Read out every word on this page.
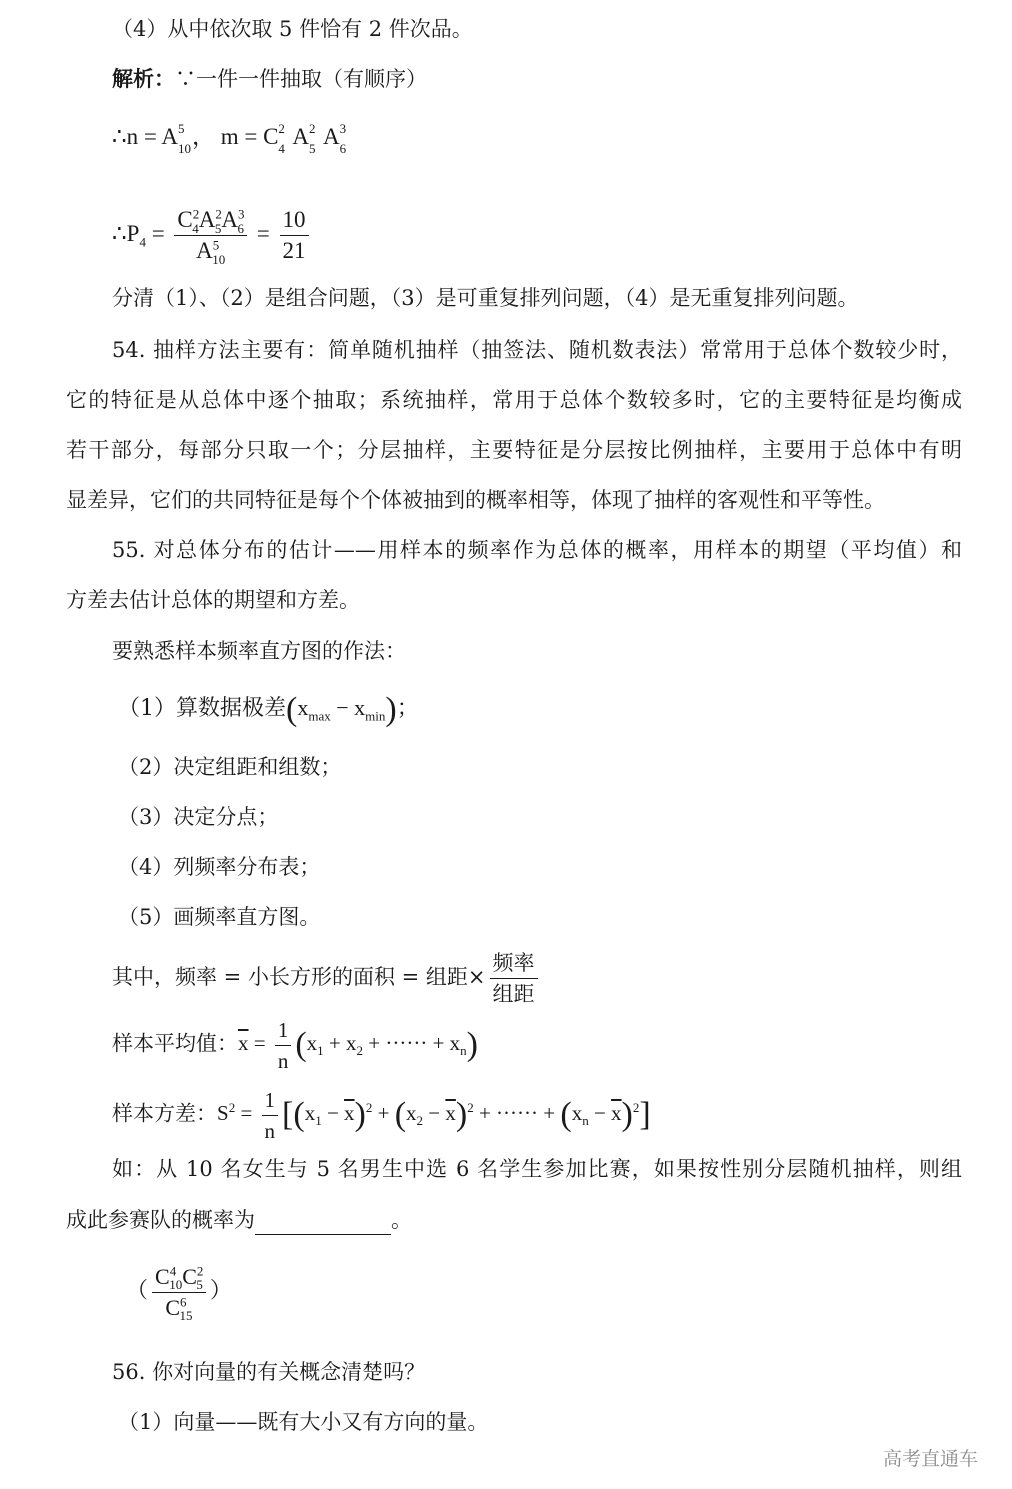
（4）从中依次取 5 件恰有 2 件次品。
解析：∵一件一件抽取（有顺序）
∴n = A 5
10 ， m = C 2
4 A 2
5 A 3
6
$\therefore P_4 = \frac{C^2_4A^2_5A^3_6}{A^5_{10}} = \frac{10}{21}$
分清（1）、（2）是组合问题，（3）是可重复排列问题，（4）是无重复排列问题。
54. 抽样方法主要有：简单随机抽样（抽签法、随机数表法）常常用于总体个数较少时，
它的特征是从总体中逐个抽取；系统抽样，常用于总体个数较多时，它的主要特征是均衡成
若干部分，每部分只取一个；分层抽样，主要特征是分层按比例抽样，主要用于总体中有明
显差异，它们的共同特征是每个个体被抽到的概率相等，体现了抽样的客观性和平等性。
55. 对总体分布的估计——用样本的频率作为总体的概率，用样本的期望（平均值）和
方差去估计总体的期望和方差。
要熟悉样本频率直方图的作法：
（1）算数据极差$(x_{max} - x_{min})$；
（2）决定组距和组数；
（3）决定分点；
（4）列频率分布表；
（5）画频率直方图。
其中，频率 = 小长方形的面积 = 组距× $\frac{\text{频率}}{\text{组距}}$
样本平均值：$\overline{x} = \frac{1}{n} (x_1 + x_2$ + ······ + $x_n$)
样本方差：$S^2 = \frac{1}{n} [(x_1 - \overline{x})^2 + (x_2 - \overline{x})^2$ + ······ + $(x_n - \overline{x})^2$]
如：从 10 名女生与 5 名男生中选 6 名学生参加比赛，如果按性别分层随机抽样，则组
成此参赛队的概率为	。
（ $\frac{C^4_{10}C^2_5}{C^6_{15}}$ ）
56. 你对向量的有关概念清楚吗？
（1）向量——既有大小又有方向的量。
高考直通车
